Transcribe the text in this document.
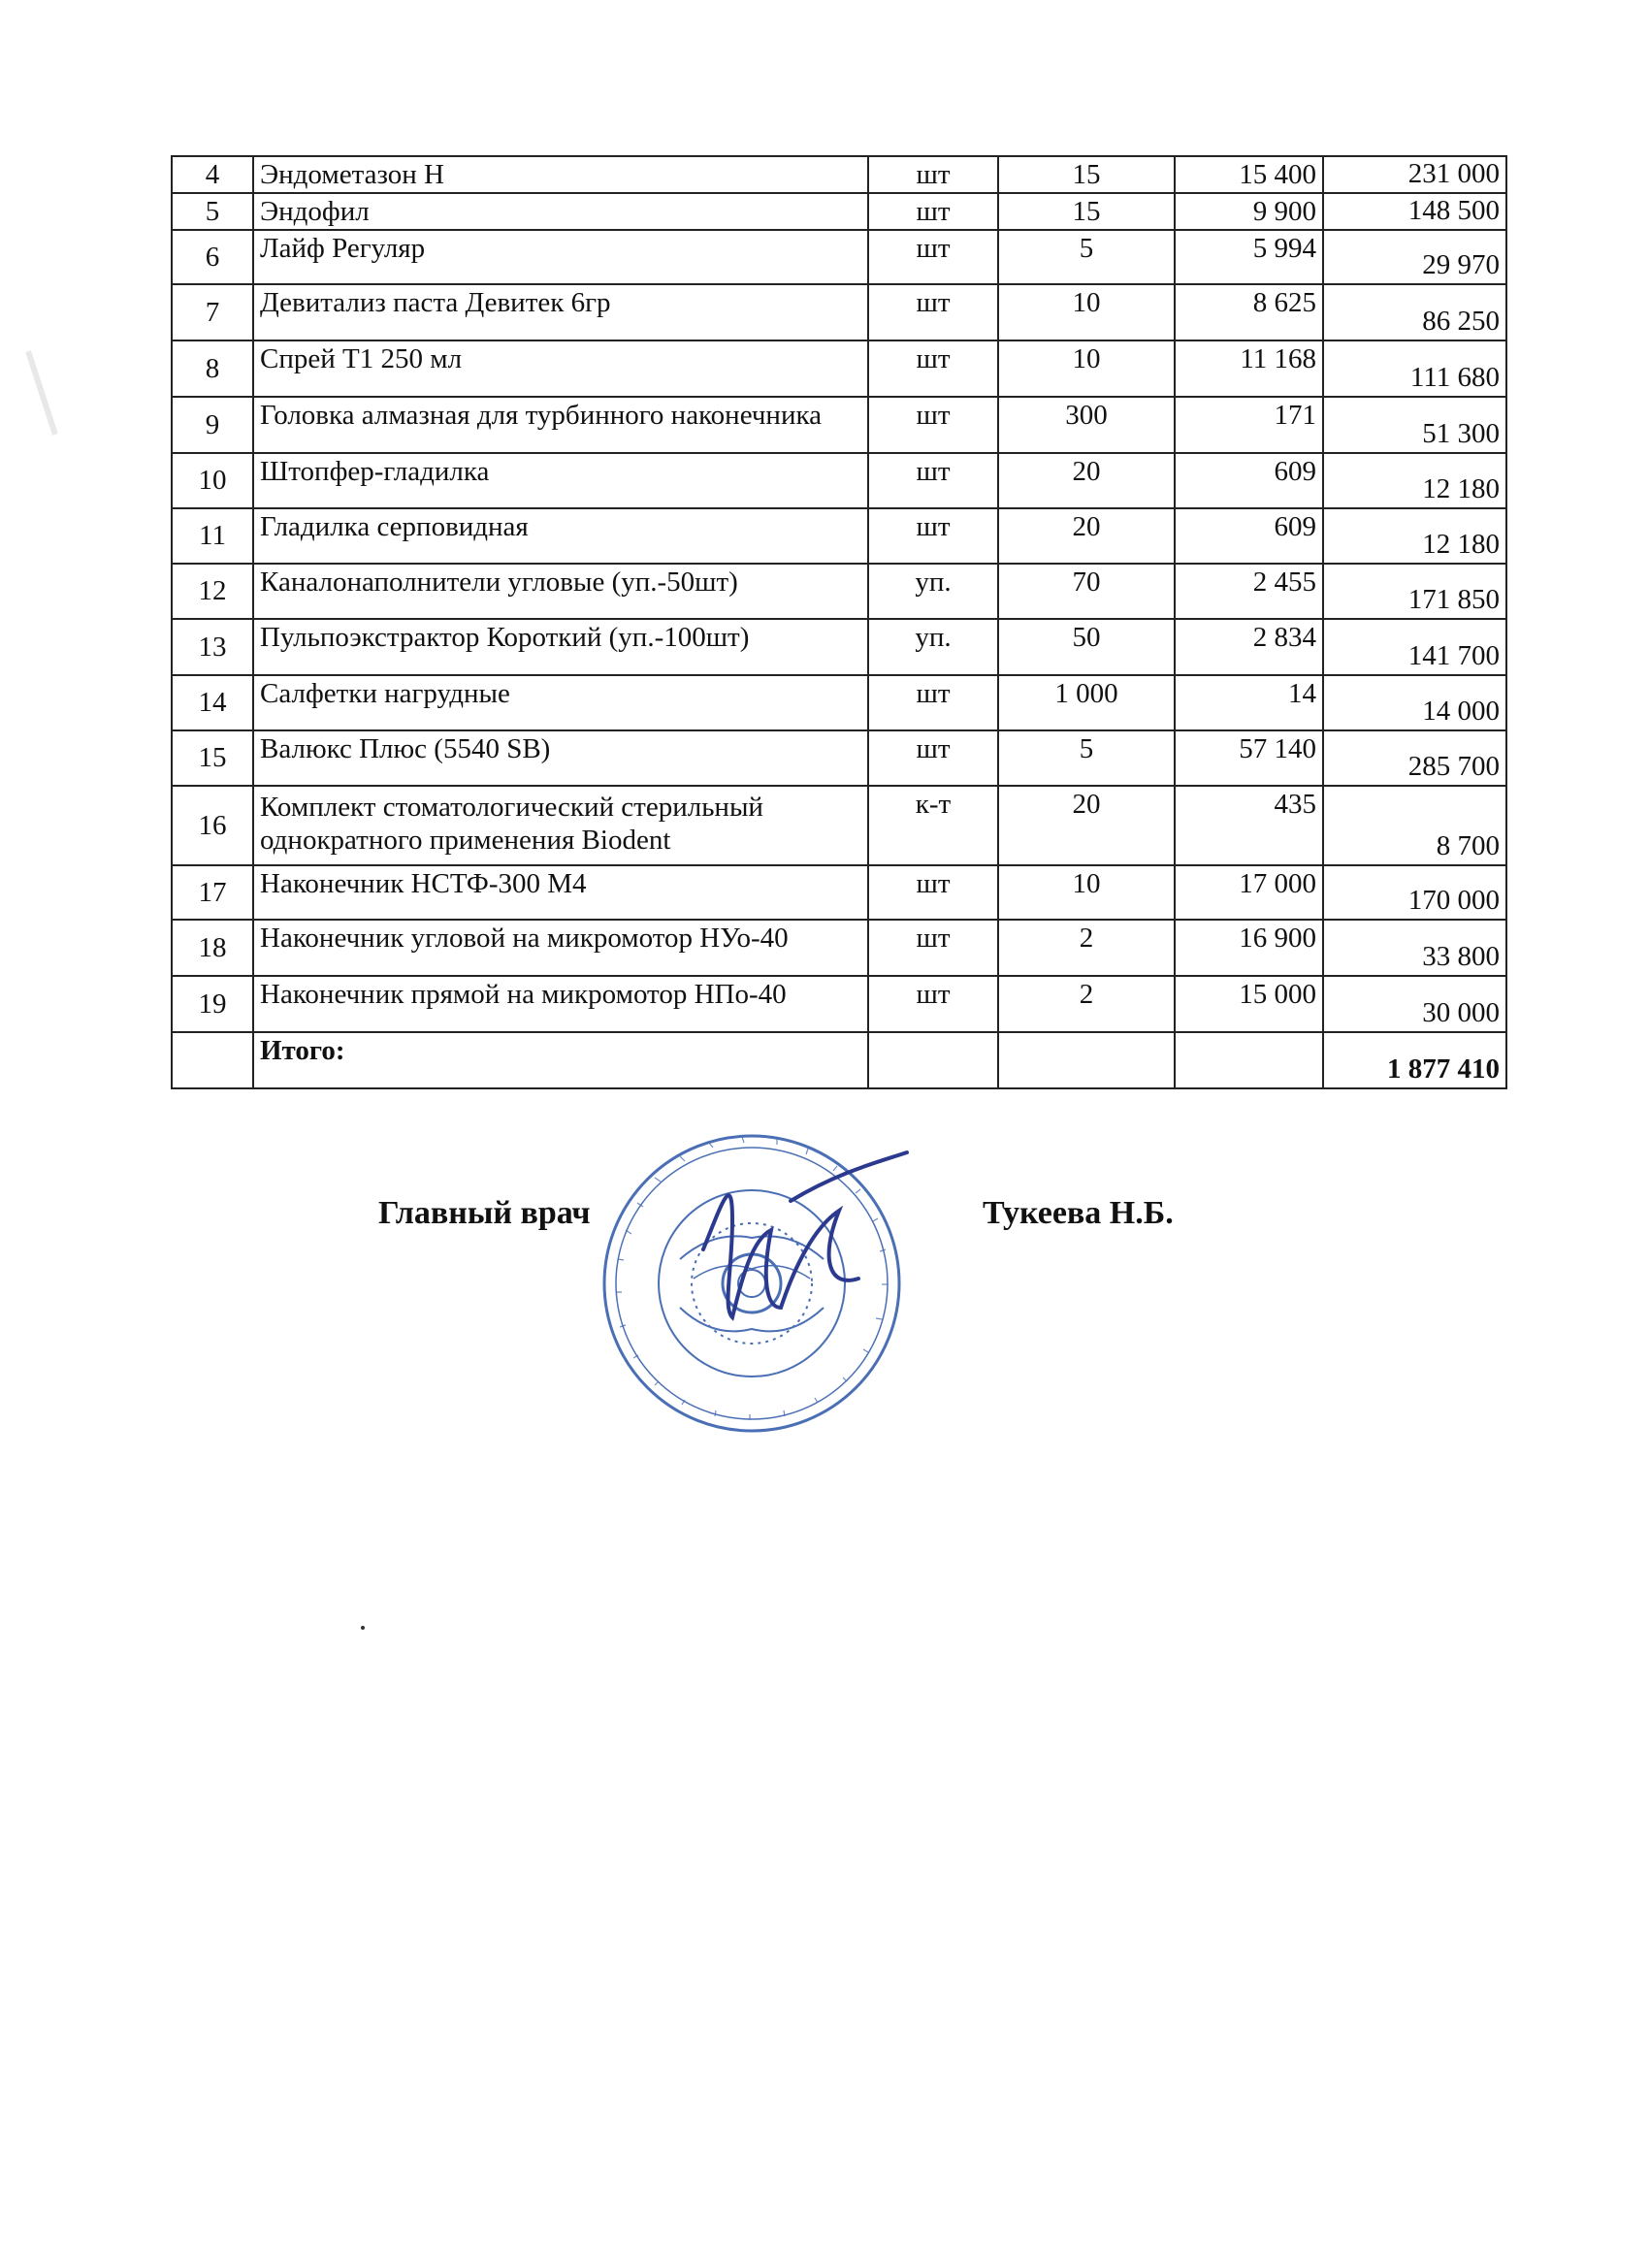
4	Эндометазон Н	шт	15	15 400	231 000
5	Эндофил	шт	15	9 900	148 500
6	Лайф Регуляр	шт	5	5 994	29 970
7	Девитализ паста Девитек 6гр	шт	10	8 625	86 250
8	Спрей Т1 250 мл	шт	10	11 168	111 680
9	Головка алмазная для турбинного наконечника	шт	300	171	51 300
10	Штопфер-гладилка	шт	20	609	12 180
11	Гладилка серповидная	шт	20	609	12 180
12	Каналонаполнители угловые (уп.-50шт)	уп.	70	2 455	171 850
13	Пульпоэкстрактор Короткий (уп.-100шт)	уп.	50	2 834	141 700
14	Салфетки нагрудные	шт	1 000	14	14 000
15	Валюкс Плюс (5540 SB)	шт	5	57 140	285 700
16	Комплект стоматологический стерильный однократного применения Biodent	к-т	20	435	8 700
17	Наконечник НСТФ-300 М4	шт	10	17 000	170 000
18	Наконечник угловой на микромотор НУо-40	шт	2	16 900	33 800
19	Наконечник прямой на микромотор НПо-40	шт	2	15 000	30 000
	Итого:				1 877 410
Главный врач	Тукеева Н.Б.
